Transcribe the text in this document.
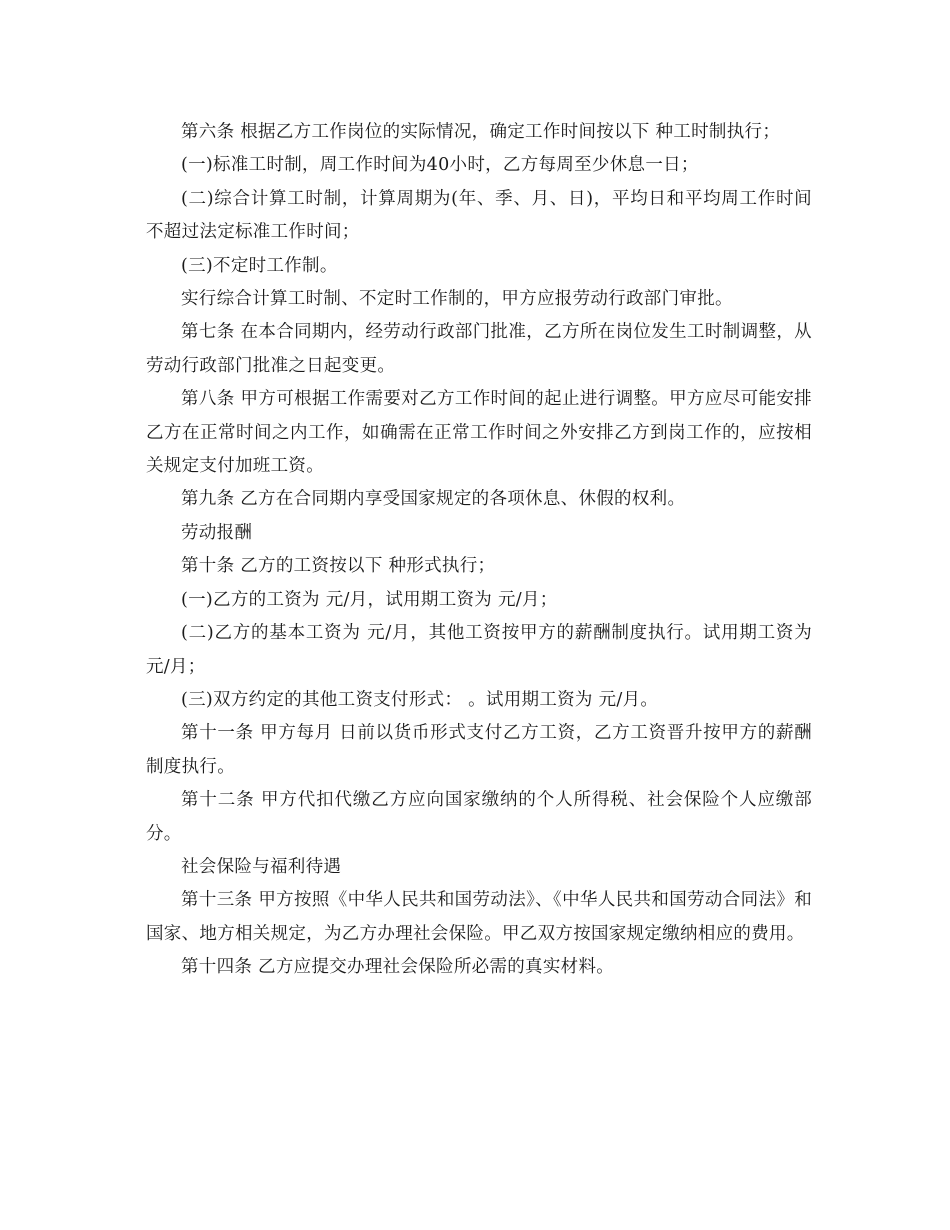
第六条 根据乙方工作岗位的实际情况，确定工作时间按以下 种工时制执行；

(一)标准工时制，周工作时间为40小时，乙方每周至少休息一日；

(二)综合计算工时制，计算周期为(年、季、月、日)，平均日和平均周工作时间不超过法定标准工作时间；

(三)不定时工作制。

实行综合计算工时制、不定时工作制的，甲方应报劳动行政部门审批。

第七条 在本合同期内，经劳动行政部门批准，乙方所在岗位发生工时制调整，从劳动行政部门批准之日起变更。

第八条 甲方可根据工作需要对乙方工作时间的起止进行调整。甲方应尽可能安排乙方在正常时间之内工作，如确需在正常工作时间之外安排乙方到岗工作的，应按相关规定支付加班工资。

第九条 乙方在合同期内享受国家规定的各项休息、休假的权利。

劳动报酬

第十条 乙方的工资按以下 种形式执行；

(一)乙方的工资为 元/月，试用期工资为 元/月；

(二)乙方的基本工资为 元/月，其他工资按甲方的薪酬制度执行。试用期工资为 元/月；

(三)双方约定的其他工资支付形式： 。试用期工资为 元/月。

第十一条 甲方每月 日前以货币形式支付乙方工资，乙方工资晋升按甲方的薪酬制度执行。

第十二条 甲方代扣代缴乙方应向国家缴纳的个人所得税、社会保险个人应缴部分。

社会保险与福利待遇

第十三条 甲方按照《中华人民共和国劳动法》、《中华人民共和国劳动合同法》和国家、地方相关规定，为乙方办理社会保险。甲乙双方按国家规定缴纳相应的费用。

第十四条 乙方应提交办理社会保险所必需的真实材料。
